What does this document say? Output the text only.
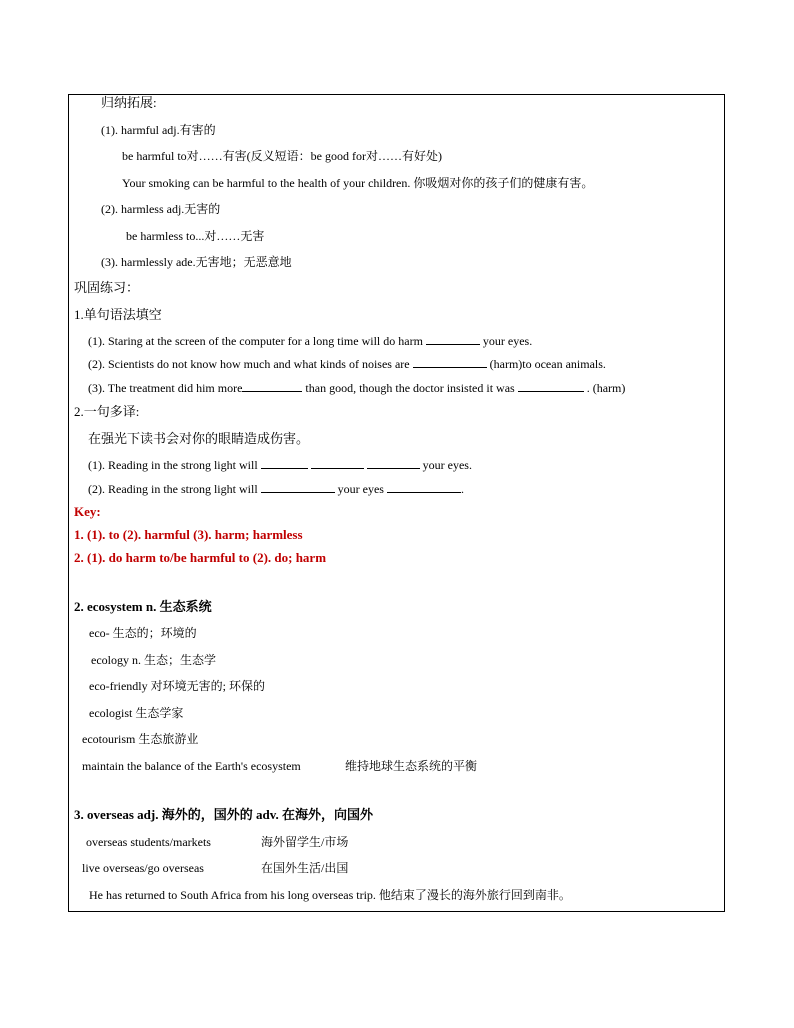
归纳拓展:
(1). harmful adj.有害的
be harmful to对……有害(反义短语：be good for对……有好处)
Your smoking can be harmful to the health of your children. 你吸烟对你的孩子们的健康有害。
(2). harmless adj.无害的
be harmless to...对……无害
(3). harmlessly ade.无害地；无恶意地
巩固练习：
1.单句语法填空
(1). Staring at the screen of the computer for a long time will do harm	your eyes.
(2). Scientists do not know how much and what kinds of noises are	(harm)to ocean animals.
(3). The treatment did him more	than good, though the doctor insisted it was	. (harm)
2.一句多译:
在强光下读书会对你的眼睛造成伤害。
(1). Reading in the strong light will	your eyes.
(2). Reading in the strong light will	your eyes	.
Key:
1. (1). to (2). harmful (3). harm; harmless
2. (1). do harm to/be harmful to (2). do; harm
2. ecosystem n. 生态系统
eco- 生态的；环境的
ecology n. 生态；生态学
eco-friendly 对环境无害的; 环保的
ecologist 生态学家
ecotourism 生态旅游业
maintain the balance of the Earth's ecosystem	维持地球生态系统的平衡
3. overseas adj. 海外的，国外的 adv. 在海外，向国外
overseas students/markets	海外留学生/市场
live overseas/go overseas	在国外生活/出国
He has returned to South Africa from his long overseas trip. 他结束了漫长的海外旅行回到南非。
